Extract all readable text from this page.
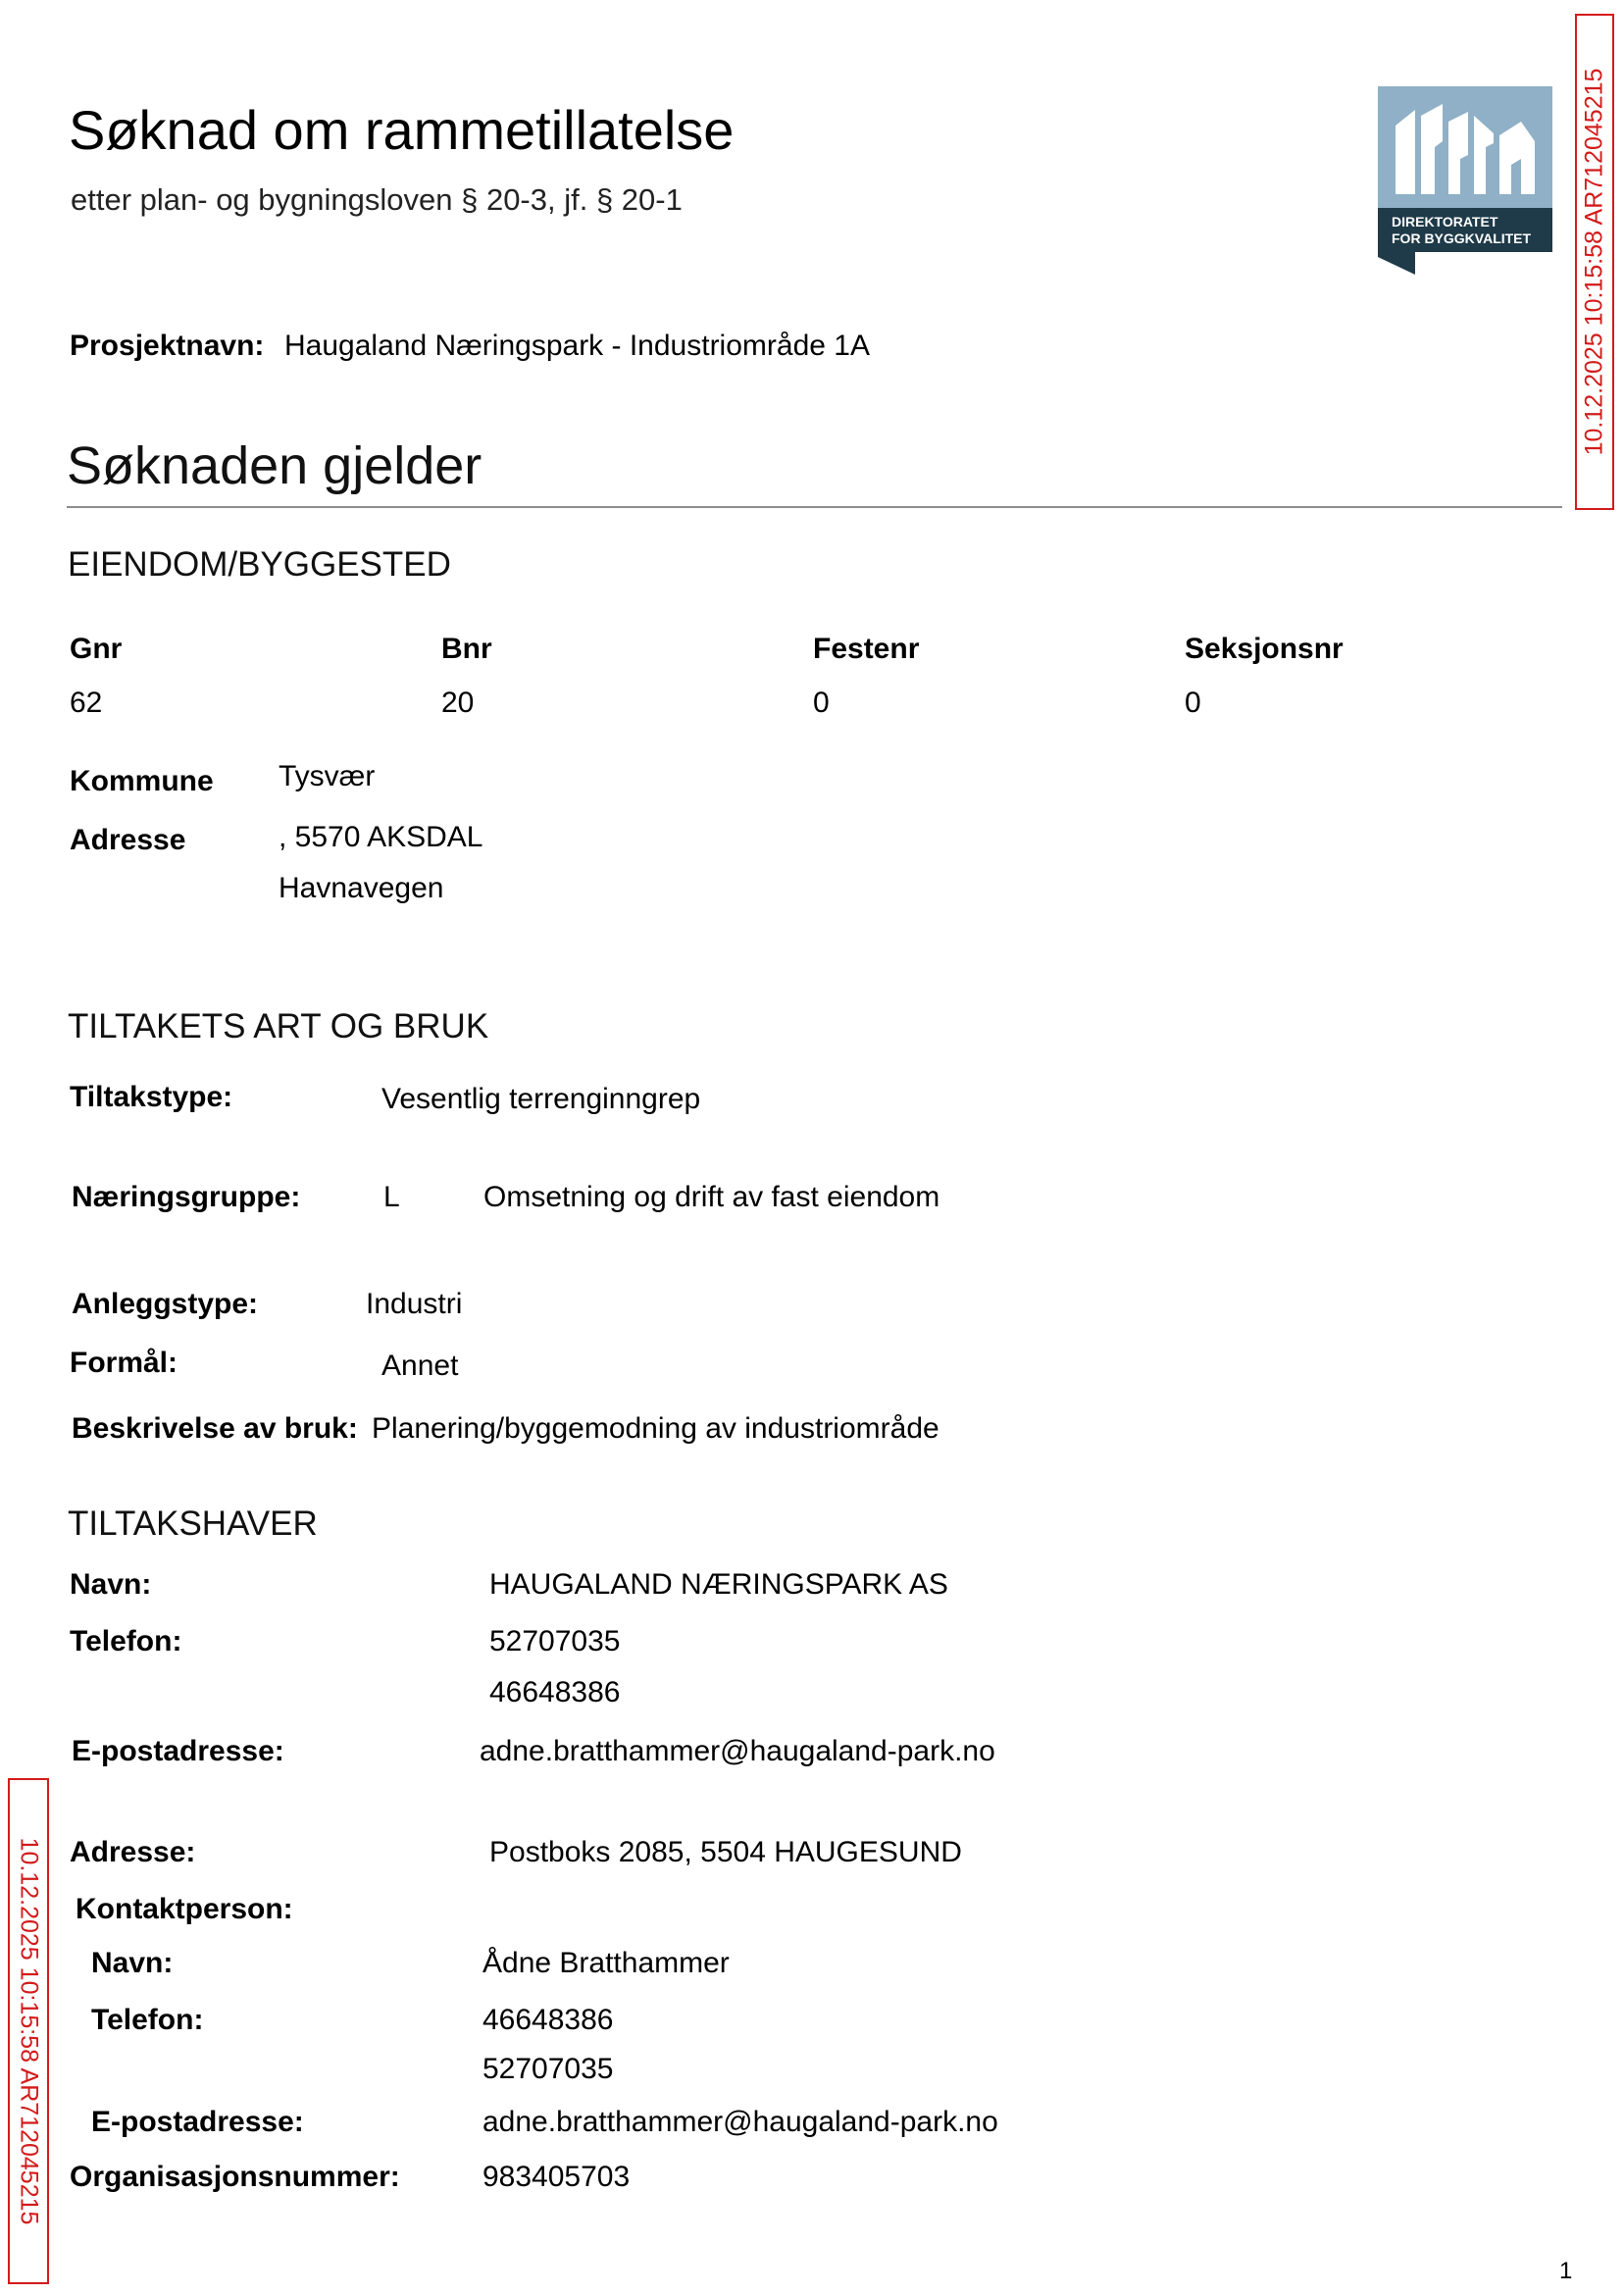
Søknad om rammetillatelse
etter plan- og bygningsloven § 20-3, jf. § 20-1
DIREKTORATET
FOR BYGGKVALITET 10.12.2025 10:15:58 AR712045215
10.12.2025 10:15:58 AR712045215
Prosjektnavn: Haugaland Næringspark - Industriområde 1A
Søknaden gjelder
EIENDOM/BYGGESTED
Gnr	Bnr	Festenr	Seksjonsnr
62	20	0	0
Kommune Tysvær
Adresse	, 5570 AKSDAL
Havnavegen
TILTAKETS ART OG BRUK
Tiltakstype:	Vesentlig terrenginngrep
Næringsgruppe:	L	Omsetning og drift av fast eiendom
Anleggstype:	Industri
Formål:	Annet
Beskrivelse av bruk: Planering/byggemodning av industriområde
TILTAKSHAVER
Navn:	HAUGALAND NÆRINGSPARK AS
Telefon:	52707035
46648386
E-postadresse:	adne.bratthammer@haugaland-park.no
Adresse:	Postboks 2085, 5504 HAUGESUND
Kontaktperson:
Navn:	Ådne Bratthammer
Telefon:	46648386
52707035
E-postadresse:	adne.bratthammer@haugaland-park.no
Organisasjonsnummer:	983405703
1
